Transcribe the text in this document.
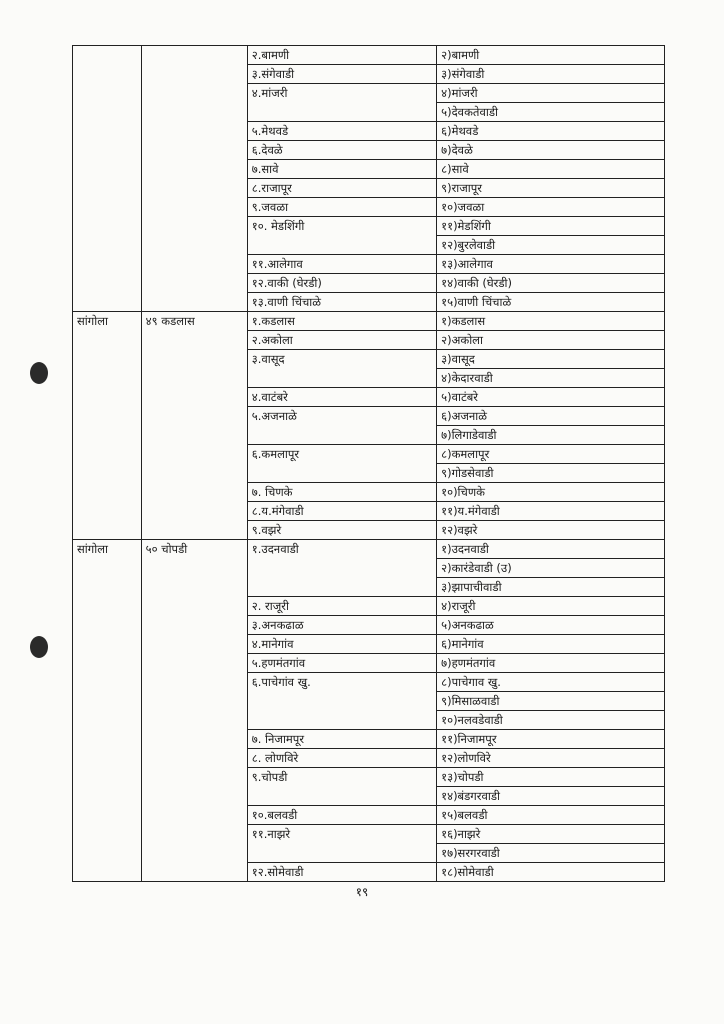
		२.बामणी	२)बामणी
		३.संगेवाडी	३)संगेवाडी
		४.मांजरी	४)मांजरी
			५)देवकतेवाडी
		५.मेथवडे	६)मेथवडे
		६.देवळे	७)देवळे
		७.सावे	८)सावे
		८.राजापूर	९)राजापूर
		९.जवळा	१०)जवळा
		१०. मेडशिंगी	११)मेडशिंगी
			१२)बुरलेवाडी
		११.आलेगाव	१३)आलेगाव
		१२.वाकी (घेरडी)	१४)वाकी (घेरडी)
		१३.वाणी चिंचाळे	१५)वाणी चिंचाळे
सांगोला	४९ कडलास	१.कडलास	१)कडलास
		२.अकोला	२)अकोला
		३.वासूद	३)वासूद
			४)केदारवाडी
		४.वाटंबरे	५)वाटंबरे
		५.अजनाळे	६)अजनाळे
			७)लिगाडेवाडी
		६.कमलापूर	८)कमलापूर
			९)गोडसेवाडी
		७. चिणके	१०)चिणके
		८.य.मंगेवाडी	११)य.मंगेवाडी
		९.वझरे	१२)वझरे
सांगोला	५० चोपडी	१.उदनवाडी	१)उदनवाडी
			२)कारंडेवाडी (उ)
			३)झापाचीवाडी
		२. राजूरी	४)राजूरी
		३.अनकढाळ	५)अनकढाळ
		४.मानेगांव	६)मानेगांव
		५.हणमंतगांव	७)हणमंतगांव
		६.पाचेगांव खु.	८)पाचेगाव खु.
			९)मिसाळवाडी
			१०)नलवडेवाडी
		७. निजामपूर	११)निजामपूर
		८. लोणविरे	१२)लोणविरे
		९.चोपडी	१३)चोपडी
			१४)बंडगरवाडी
		१०.बलवडी	१५)बलवडी
		११.नाझरे	१६)नाझरे
			१७)सरगरवाडी
		१२.सोमेवाडी	१८)सोमेवाडी
१९
